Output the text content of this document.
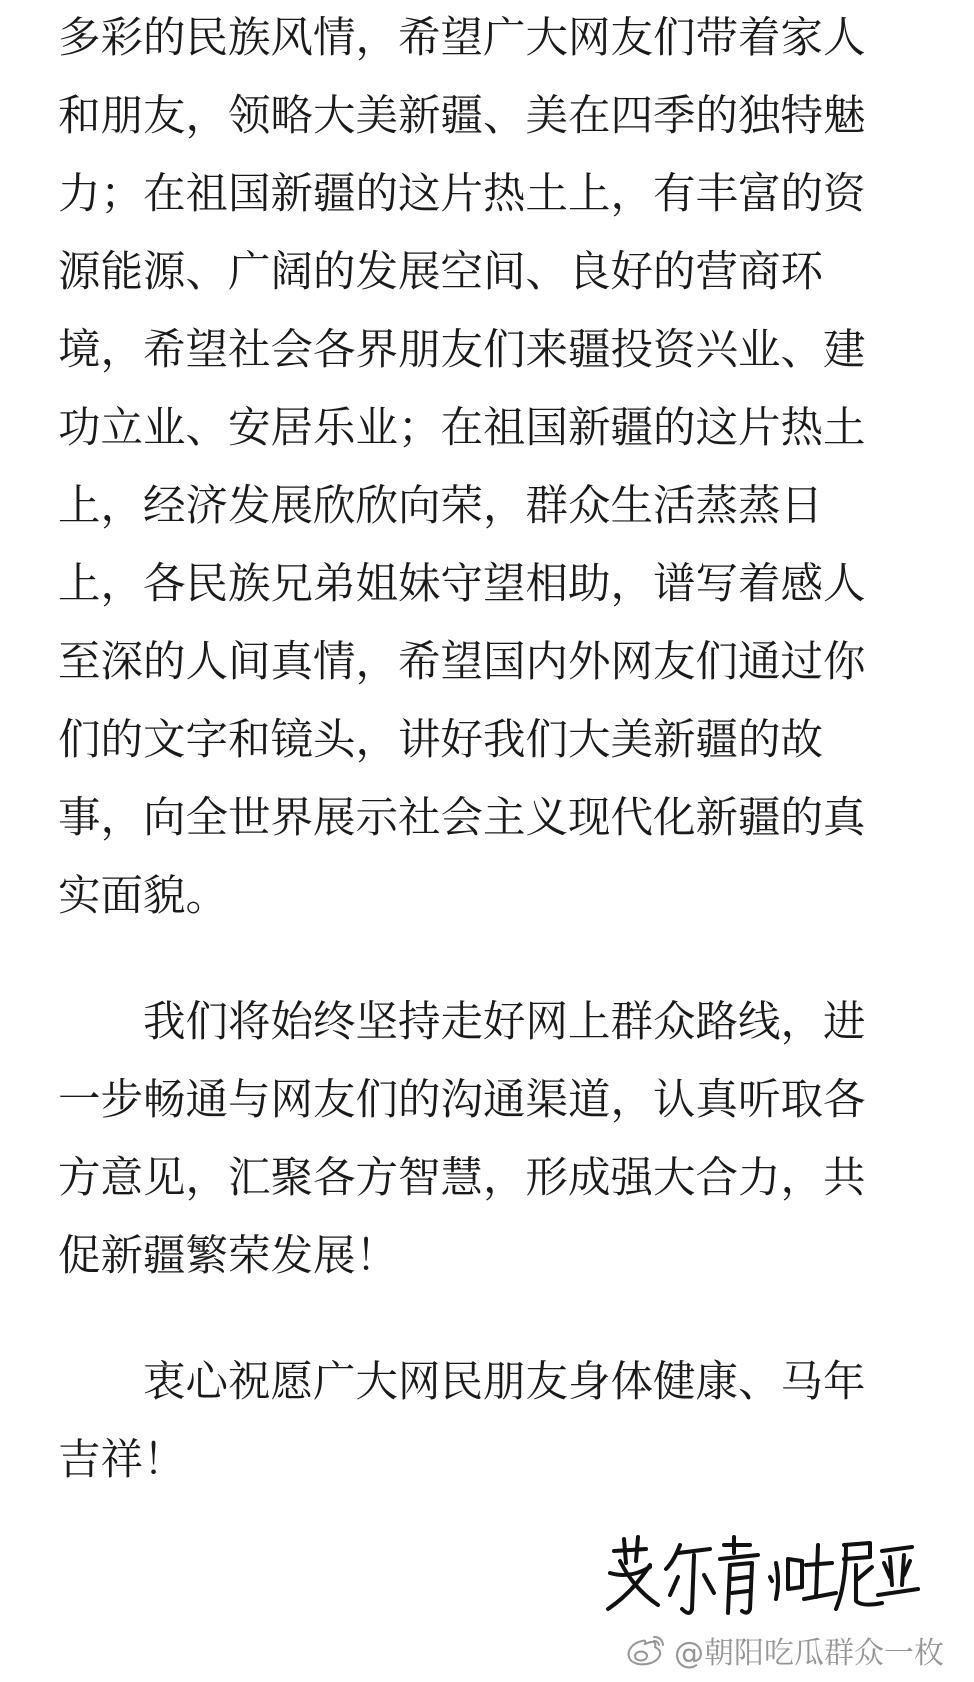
多彩的民族风情，希望广大网友们带着家人
和朋友，领略大美新疆、美在四季的独特魅
力；在祖国新疆的这片热土上，有丰富的资
源能源、广阔的发展空间、良好的营商环
境，希望社会各界朋友们来疆投资兴业、建
功立业、安居乐业；在祖国新疆的这片热土
上，经济发展欣欣向荣，群众生活蒸蒸日
上，各民族兄弟姐妹守望相助，谱写着感人
至深的人间真情，希望国内外网友们通过你
们的文字和镜头，讲好我们大美新疆的故
事，向全世界展示社会主义现代化新疆的真
实面貌。
　　我们将始终坚持走好网上群众路线，进
一步畅通与网友们的沟通渠道，认真听取各
方意见，汇聚各方智慧，形成强大合力，共
促新疆繁荣发展！
　　衷心祝愿广大网民朋友身体健康、马年
吉祥！
@朝阳吃瓜群众一枚
